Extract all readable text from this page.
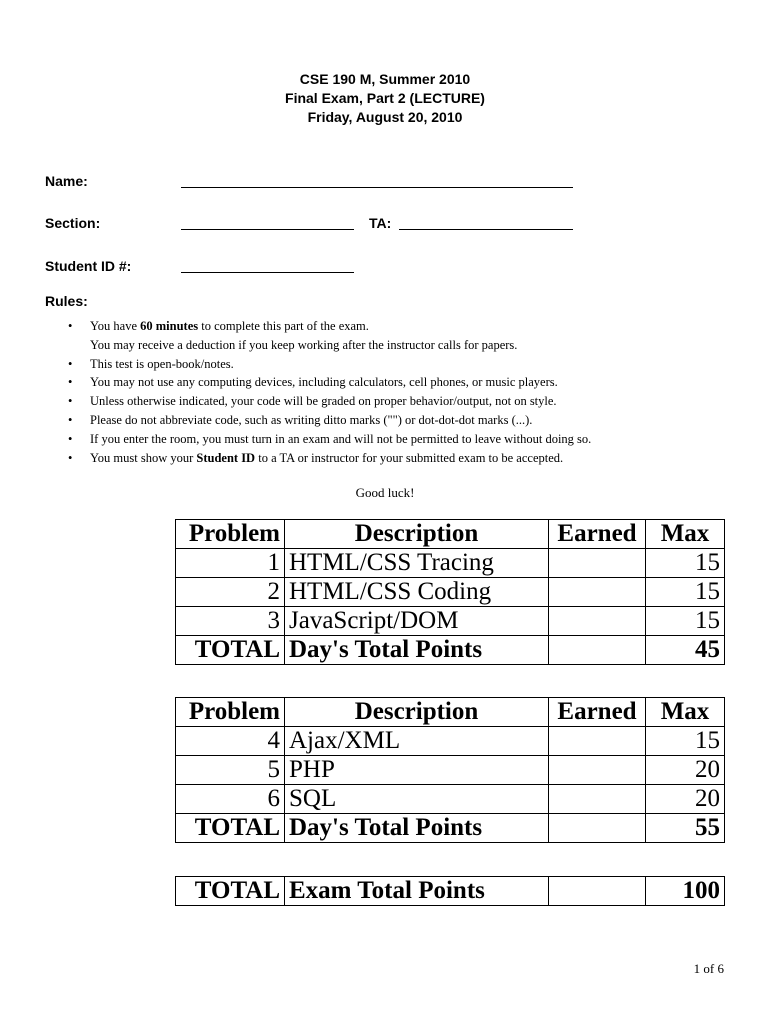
CSE 190 M, Summer 2010
Final Exam, Part 2 (LECTURE)
Friday, August 20, 2010
Name:
Section:	TA:
Student ID #:
Rules:
• You have 60 minutes to complete this part of the exam.
You may receive a deduction if you keep working after the instructor calls for papers.
• This test is open-book/notes.
• You may not use any computing devices, including calculators, cell phones, or music players.
• Unless otherwise indicated, your code will be graded on proper behavior/output, not on style.
• Please do not abbreviate code, such as writing ditto marks ("") or dot-dot-dot marks (...).
• If you enter the room, you must turn in an exam and will not be permitted to leave without doing so.
• You must show your Student ID to a TA or instructor for your submitted exam to be accepted.
Good luck!
Problem	Description	Earned	Max
1	HTML/CSS Tracing		15
2	HTML/CSS Coding		15
3	JavaScript/DOM		15
TOTAL	Day's Total Points		45
Problem	Description	Earned	Max
4	Ajax/XML		15
5	PHP		20
6	SQL		20
TOTAL	Day's Total Points		55
TOTAL	Exam Total Points		100
1 of 6
